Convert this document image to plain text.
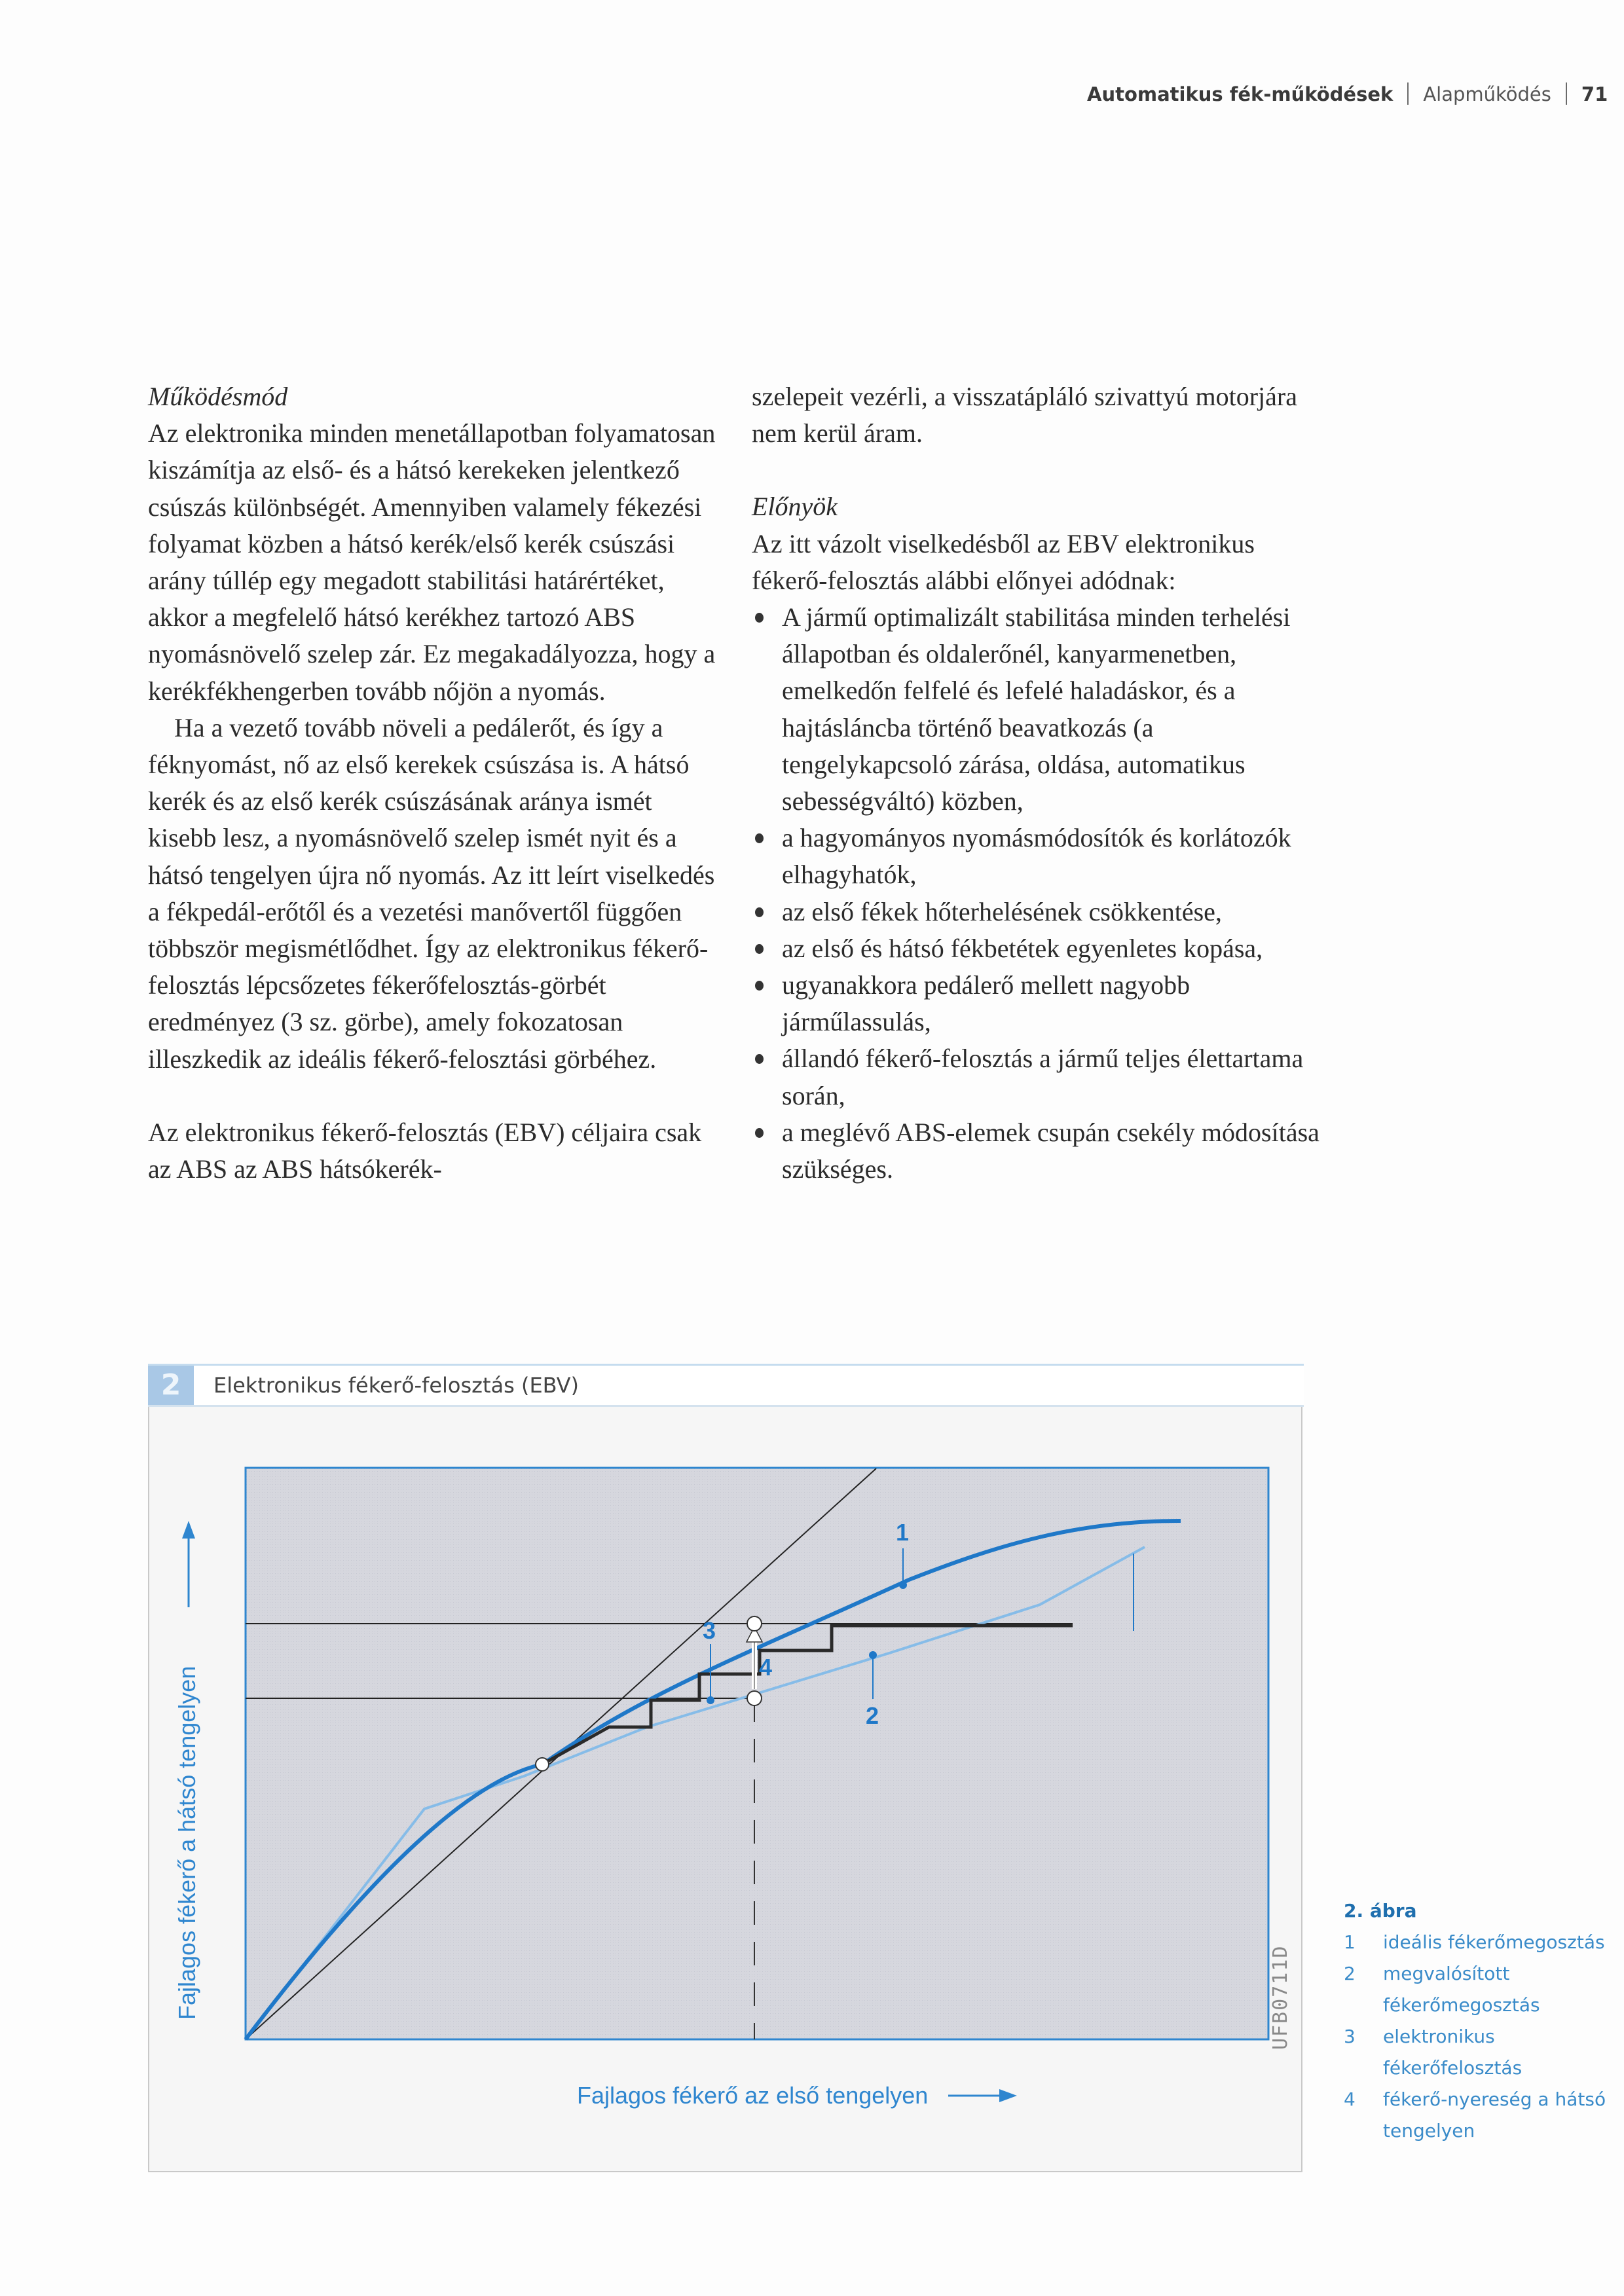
Automatikus fék-működések Alapműködés 71

Működésmód

Az elektronika minden menetállapotban folyamatosan kiszámítja az első- és a hátsó kerekeken jelentkező csúszás különbségét. Amennyiben valamely fékezési folyamat közben a hátsó kerék/első kerék csúszási arány túllép egy megadott stabilitási határértéket, akkor a megfelelő hátsó kerékhez tartozó ABS nyomásnövelő szelep zár. Ez megakadályozza, hogy a kerékfékhengerben tovább nőjön a nyomás.

Ha a vezető tovább növeli a pedálerőt, és így a féknyomást, nő az első kerekek csúszása is. A hátsó kerék és az első kerék csúszásának aránya ismét kisebb lesz, a nyomásnövelő szelep ismét nyit és a hátsó tengelyen újra nő nyomás. Az itt leírt viselkedés a fékpedál-erőtől és a vezetési manővertől függően többször megismétlődhet. Így az elektronikus fékerő-felosztás lépcsőzetes fékerőfelosztás-görbét eredményez (3 sz. görbe), amely fokozatosan illeszkedik az ideális fékerő-felosztási görbéhez.

Az elektronikus fékerő-felosztás (EBV) céljaira csak az ABS az ABS hátsókerék-

szelepeit vezérli, a visszatápláló szivattyú motorjára nem kerül áram.

Előnyök

Az itt vázolt viselkedésből az EBV elektronikus fékerő-felosztás alábbi előnyei adódnak:

A jármű optimalizált stabilitása minden terhelési állapotban és oldalerőnél, kanyarmenetben, emelkedőn felfelé és lefelé haladáskor, és a hajtásláncba történő beavatkozás (a tengelykapcsoló zárása, oldása, automatikus sebességváltó) közben,
a hagyományos nyomásmódosítók és korlátozók elhagyhatók,
az első fékek hőterhelésének csökkentése,
az első és hátsó fékbetétek egyenletes kopása,
ugyanakkora pedálerő mellett nagyobb járműlassulás,
állandó fékerő-felosztás a jármű teljes élettartama során,
a meglévő ABS-elemek csupán csekély módosítása szükséges.
2	Elektronikus fékerő-felosztás (EBV)
1
2
3
4
Fajlagos fékerő a hátsó tengelyen
Fajlagos fékerő az első tengelyen
UFB0711D
2. ábra
1	ideális fékerőmegosztás
2	megvalósított fékerőmegosztás
3	elektronikus fékerőfelosztás
4	fékerő-nyereség a hátsó tengelyen
